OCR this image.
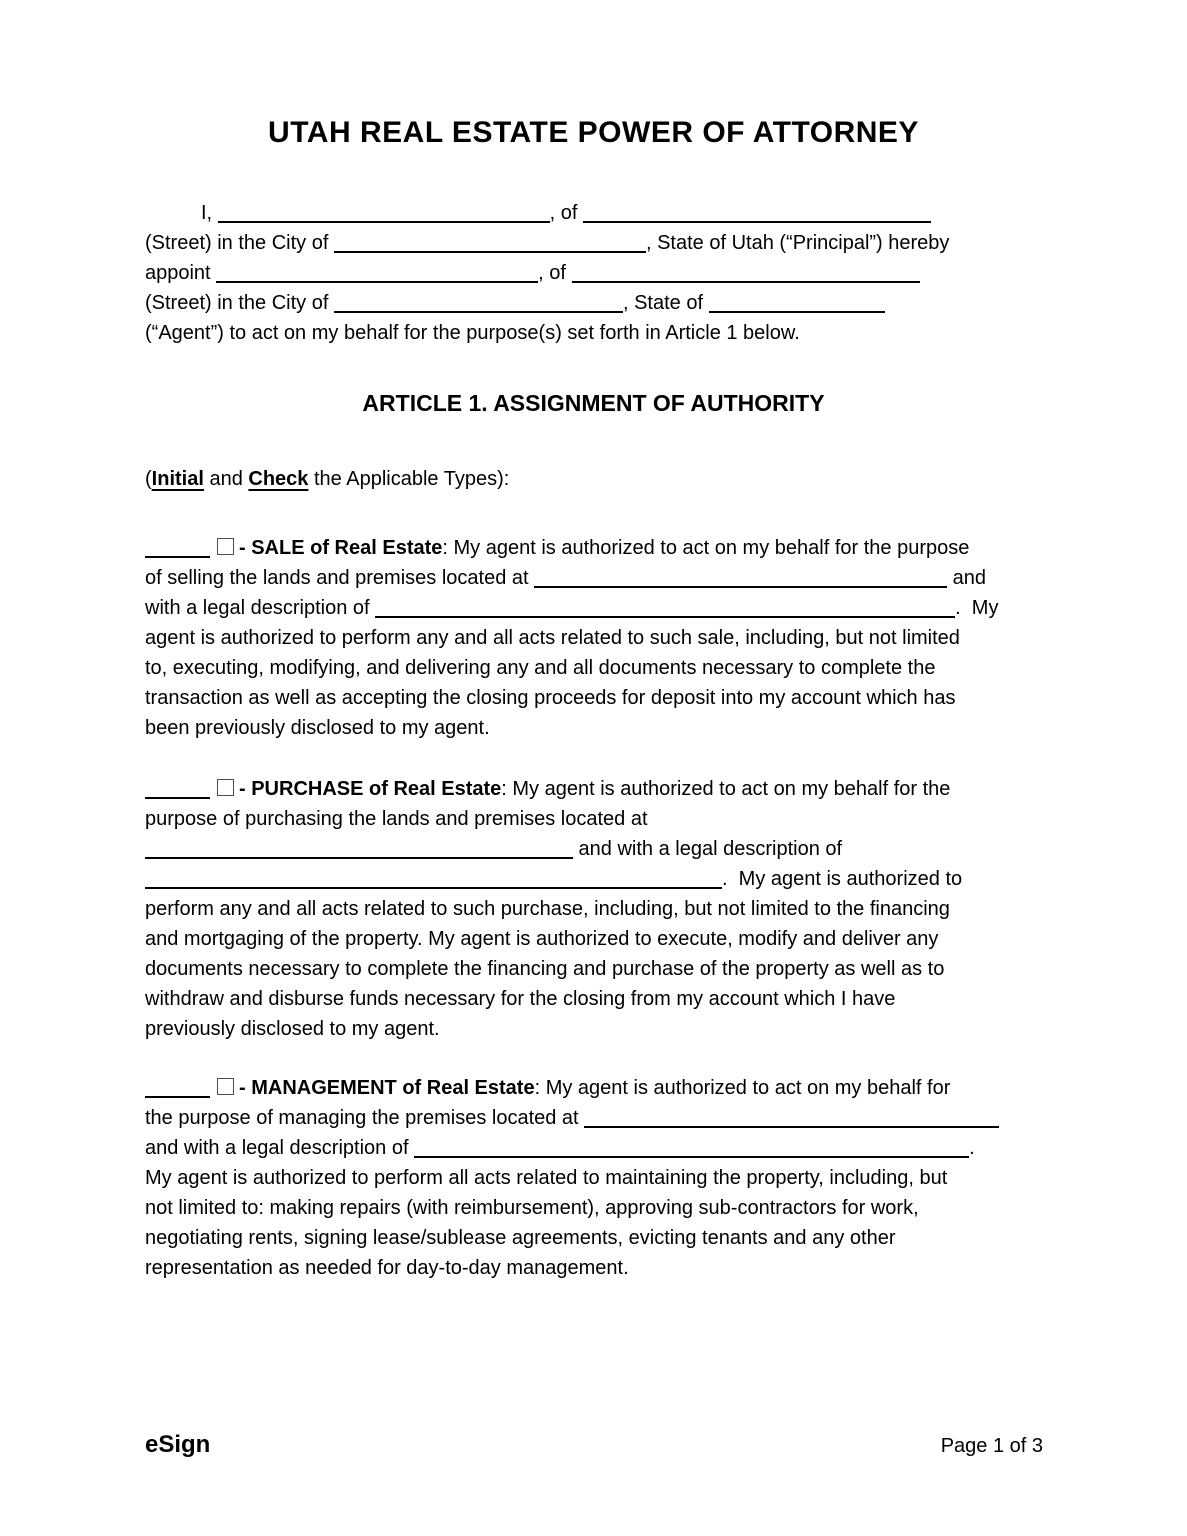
UTAH REAL ESTATE POWER OF ATTORNEY
I,	, of
(Street) in the City of	, State of Utah (“Principal”) hereby
appoint	, of
(Street) in the City of	, State of
(“Agent”) to act on my behalf for the purpose(s) set forth in Article 1 below.
ARTICLE 1. ASSIGNMENT OF AUTHORITY
(Initial and Check the Applicable Types):
- SALE of Real Estate: My agent is authorized to act on my behalf for the purpose
of selling the lands and premises located at	and
with a legal description of	.  My
agent is authorized to perform any and all acts related to such sale, including, but not limited
to, executing, modifying, and delivering any and all documents necessary to complete the
transaction as well as accepting the closing proceeds for deposit into my account which has
been previously disclosed to my agent.
- PURCHASE of Real Estate: My agent is authorized to act on my behalf for the
purpose of purchasing the lands and premises located at
and with a legal description of
.  My agent is authorized to
perform any and all acts related to such purchase, including, but not limited to the financing
and mortgaging of the property. My agent is authorized to execute, modify and deliver any
documents necessary to complete the financing and purchase of the property as well as to
withdraw and disburse funds necessary for the closing from my account which I have
previously disclosed to my agent.
- MANAGEMENT of Real Estate: My agent is authorized to act on my behalf for
the purpose of managing the premises located at
and with a legal description of	.
My agent is authorized to perform all acts related to maintaining the property, including, but
not limited to: making repairs (with reimbursement), approving sub-contractors for work,
negotiating rents, signing lease/sublease agreements, evicting tenants and any other
representation as needed for day-to-day management.
eSign	Page 1 of 3
